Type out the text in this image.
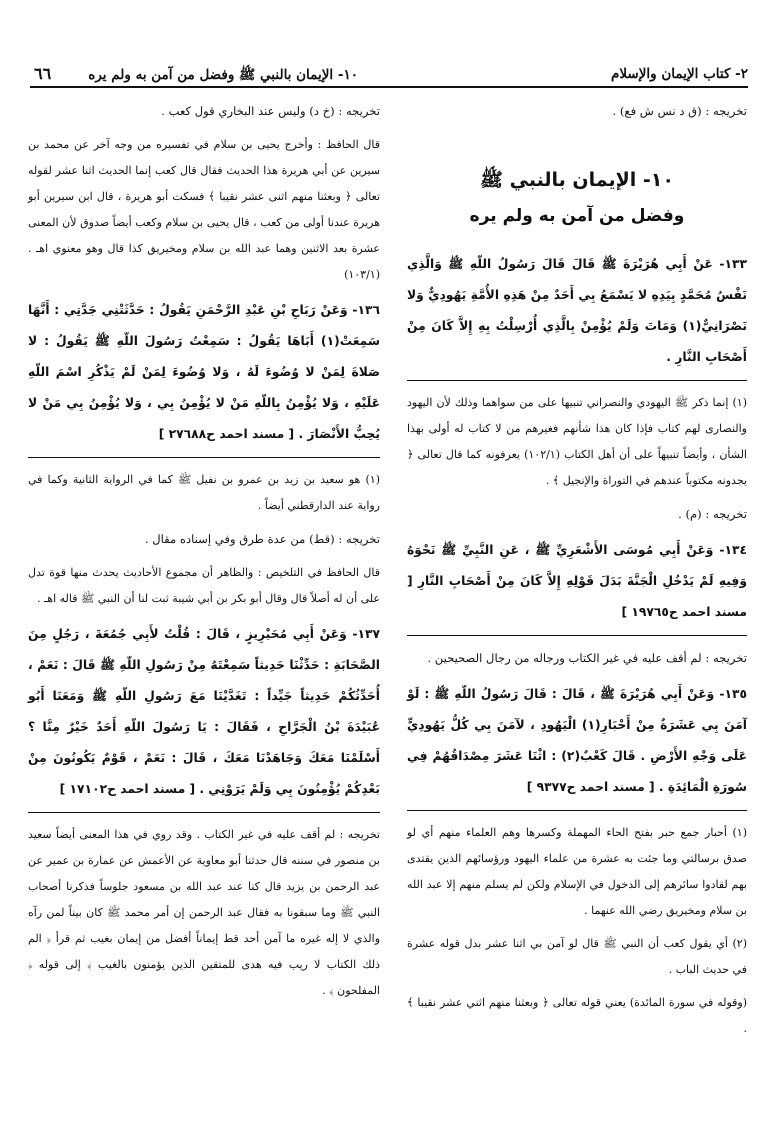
٢- كتاب الإيمان والإسلام
١٠- الإيمان بالنبي ﷺ وفضل من آمن به ولم يره
٦٦

تخريجه : (ق د نس ش فع) .

١٠- الإيمان بالنبي ﷺ
وفضل من آمن به ولم يره

١٣٣- عَنْ أَبِي هُرَيْرَةَ ﷺ قَالَ قَالَ رَسُولُ اللّهِ ﷺ وَالَّذِي نَفْسُ مُحَمَّدٍ بِيَدِهِ لا يَسْمَعُ بِي أَحَدٌ مِنْ هَذِهِ الأُمَّةِ يَهُودِيٌّ وَلا نَصْرَانِيٌّ(١) وَمَاتَ وَلَمْ يُؤْمِنْ بِالَّذِي أُرْسِلْتُ بِهِ إِلاَّ كَانَ مِنْ أَصْحَابِ النَّارِ .

(١) إنما ذكر ﷺ اليهودي والنصراني تنبيها على من سواهما وذلك لأن اليهود والنصارى لهم كتاب فإذا كان هذا شأنهم فغيرهم من لا كتاب له أولى بهذا الشأن ، وأيضاً تنبيهاً على أن أهل الكتاب (١٠٢/١) يعرفونه كما قال تعالى ﴿ يجدونه مكتوباً عندهم في التوراة والإنجيل ﴾ .

تخريجه : (م) .

١٣٤- وَعَنْ أَبِي مُوسَى الأَشْعَرِيِّ ﷺ ، عَنِ النَّبِيِّ ﷺ نَحْوَهُ وَفِيهِ لَمْ يَدْخُلِ الْجَنَّةَ بَدَلَ قَوْلِهِ إِلاَّ كَانَ مِنْ أَصْحَابِ النَّارِ [ مسند احمد ح١٩٧٦٥ ]

تخريجه : لم أقف عليه في غير الكتاب ورجاله من رجال الصحيحين .

١٣٥- وَعَنْ أَبِي هُرَيْرَةَ ﷺ ، قَالَ : قَالَ رَسُولُ اللّهِ ﷺ : لَوْ آمَنَ بِي عَشَرَةٌ مِنْ أَحْبَارِ(١) الْيَهُودِ ، لآمَنَ بِي كُلُّ يَهُودِيٍّ عَلَى وَجْهِ الأَرْضِ . قَالَ كَعْبٌ(٢) : اثْنَا عَشَرَ مِصْدَاقُهُمْ فِي سُورَةِ الْمَائِدَةِ . [ مسند احمد ح٩٣٧٧ ]

(١) أحبار جمع حبر بفتح الحاء المهملة وكسرها وهم العلماء منهم أي لو صدق برسالتي وما جئت به عشرة من علماء اليهود ورؤسائهم الذين يقتدى بهم لقادوا سائرهم إلى الدخول في الإسلام ولكن لم يسلم منهم إلا عبد الله بن سلام ومخيريق رضي الله عنهما .

(٢) أي يقول كعب أن النبي ﷺ قال لو آمن بي اثنا عشر بدل قوله عشرة في حديث الباب .

(وقوله في سورة المائدة) يعني قوله تعالى ﴿ وبعثنا منهم اثني عشر نقيبا ﴾ .

تخريجه : (خ د) وليس عند البخاري قول كعب .

قال الحافظ : وأخرج يحيى بن سلام في تفسيره من وجه آخر عن محمد بن سيرين عن أبي هريرة هذا الحديث فقال قال كعب إنما الحديث اثنا عشر لقوله تعالى ﴿ وبعثنا منهم اثنى عشر نقيبا ﴾ فسكت أبو هريرة ، قال ابن سيرين أبو هريرة عندنا أولى من كعب ، قال يحيى بن سلام وكعب أيضاً صدوق لأن المعنى عشرة بعد الاثنين وهما عبد الله بن سلام ومخيريق كذا قال وهو معنوي اهـ . (١٠٣/١)

١٣٦- وَعَنْ رَبَاحِ بْنِ عَبْدِ الرَّحْمَنِ يَقُولُ : حَدَّثَتْنِي جَدَّتِي : أَنَّهَا سَمِعَتْ(١) أَبَاهَا يَقُولُ : سَمِعْتُ رَسُولَ اللّهِ ﷺ يَقُولُ : لا صَلاةَ لِمَنْ لا وُضُوءَ لَهُ ، وَلا وُضُوءَ لِمَنْ لَمْ يَذْكُرِ اسْمَ اللّهِ عَلَيْهِ ، وَلا يُؤْمِنُ بِاللّهِ مَنْ لا يُؤْمِنُ بِي ، وَلا يُؤْمِنُ بِي مَنْ لا يُحِبُّ الأَنْصَارَ . [ مسند احمد ح٢٧٦٨٨ ]

(١) هو سعيد بن زيد بن عمرو بن نفيل ﷺ كما في الرواية الثانية وكما في رواية عند الدارقطني أيضاً .

تخريجه : (قط) من عدة طرق وفي إسناده مقال .

قال الحافظ في التلخيص : والظاهر أن مجموع الأحاديث يحدث منها قوة تدل على أن له أصلاً قال وقال أبو بكر بن أبي شيبة ثبت لنا أن النبي ﷺ قاله اهـ .

١٣٧- وَعَنْ أَبِي مُحَيْرِيزٍ ، قَالَ : قُلْتُ لأَبِي جُمُعَةَ ، رَجُلٍ مِنَ الصَّحَابَةِ : حَدِّثْنَا حَدِيثاً سَمِعْتَهُ مِنْ رَسُولِ اللّهِ ﷺ قَالَ : نَعَمْ ، أُحَدِّثُكُمْ حَدِيثاً جَيِّداً : تَغَدَّيْنَا مَعَ رَسُولِ اللّهِ ﷺ وَمَعَنَا أَبُو عُبَيْدَةَ بْنُ الْجَرَّاحِ ، فَقَالَ : يَا رَسُولَ اللّهِ أَحَدٌ خَيْرٌ مِنَّا ؟ أَسْلَمْنَا مَعَكَ وَجَاهَدْنَا مَعَكَ ، قَالَ : نَعَمْ ، قَوْمٌ يَكُونُونَ مِنْ بَعْدِكُمْ يُؤْمِنُونَ بِي وَلَمْ يَرَوْنِي . [ مسند احمد ح١٧١٠٢ ]

تخريجه : لم أقف عليه في غير الكتاب . وقد روي في هذا المعنى أيضاً سعيد بن منصور في سننه قال حدثنا أبو معاوية عن الأعمش عن عمارة بن عمير عن عبد الرحمن بن يزيد قال كنا عند عبد الله بن مسعود جلوساً فذكرنا أصحاب النبي ﷺ وما سبقونا به فقال عبد الرحمن إن أمر محمد ﷺ كان بيناً لمن رآه والذي لا إله غيره ما آمن أحد قط إيماناً أفضل من إيمان بغيب ثم قرأ ﴿ الم ذلك الكتاب لا ريب فيه هدى للمتقين الذين يؤمنون بالغيب ﴾ إلى قوله ﴿ المفلحون ﴾ .
